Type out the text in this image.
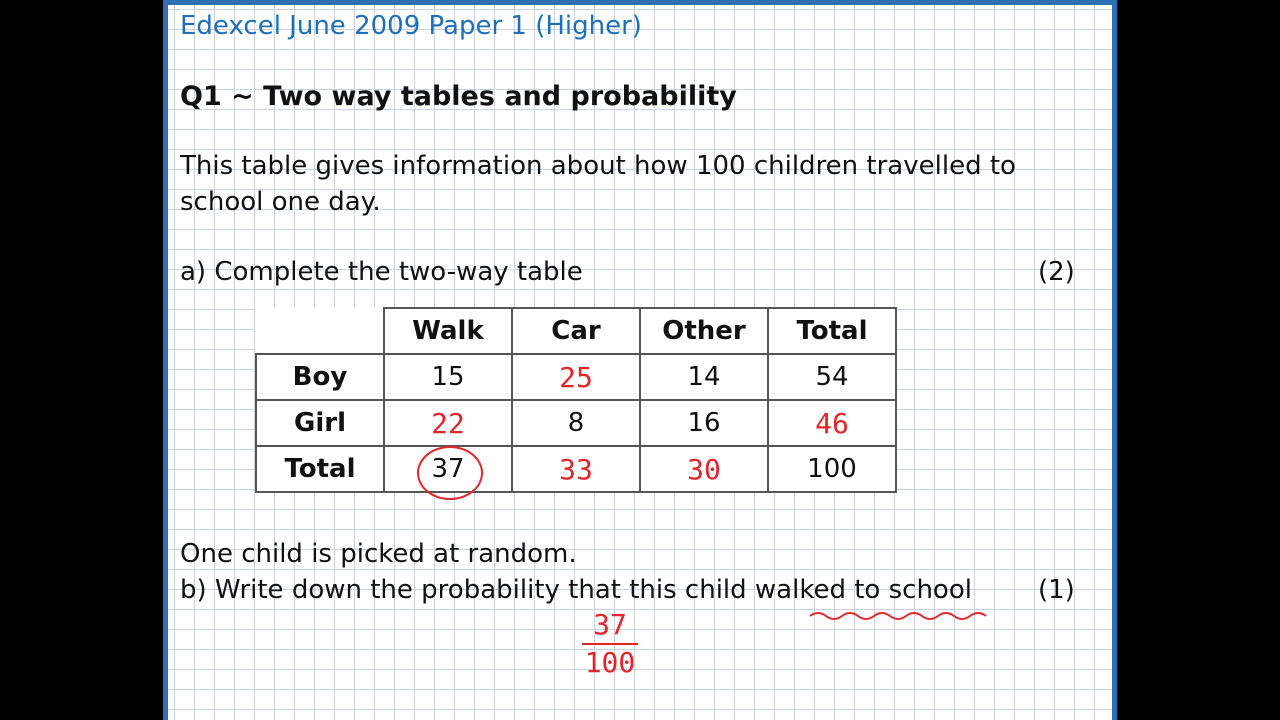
Edexcel June 2009 Paper 1 (Higher)
Q1 ~ Two way tables and probability
This table gives information about how 100 children travelled to
school one day.
a) Complete the two-way table	(2)
	Walk	Car	Other	Total
Boy	15	25	14	54
Girl	22	8	16	46
Total	37	33	30	100
One child is picked at random.
b) Write down the probability that this child walked to school	(1)
37
100
